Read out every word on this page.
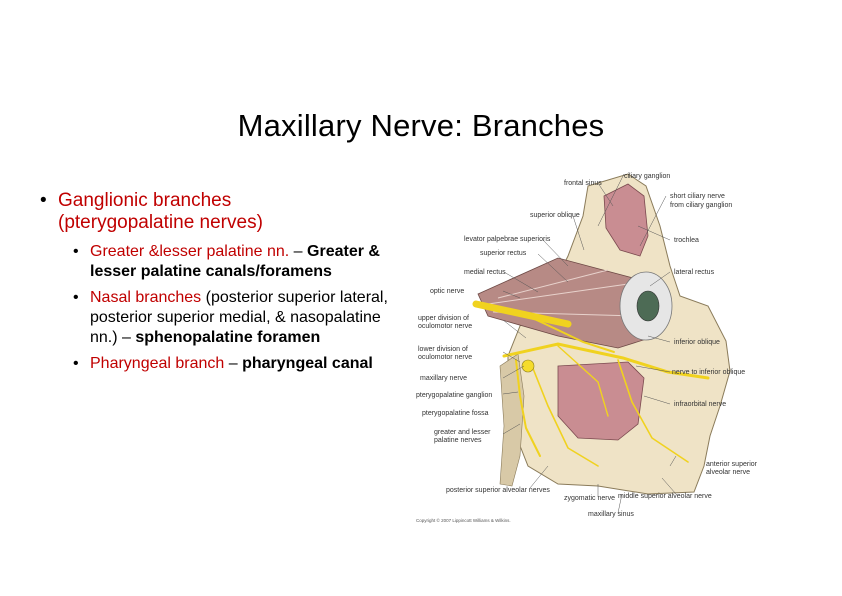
Maxillary Nerve: Branches
• Ganglionic branches
(pterygopalatine nerves)
• Greater &lesser palatine nn. – Greater & lesser palatine canals/foramens
• Nasal branches (posterior superior lateral, posterior superior medial, & nasopalatine nn.) – sphenopalatine foramen
• Pharyngeal branch – pharyngeal canal
ciliary ganglion
frontal sinus
short ciliary nerve
from ciliary ganglion
superior oblique
levator palpebrae superioris	trochlea
superior rectus
medial rectus	lateral rectus
optic nerve
upper division of
oculomotor nerve
lower division of
oculomotor nerve
inferior oblique
maxillary nerve
nerve to inferior oblique
pterygopalatine ganglion
infraorbital nerve
pterygopalatine fossa
greater and lesser
palatine nerves
anterior superior
alveolar nerve
posterior superior alveolar nerves
zygomatic nerve middle superior alveolar nerve
maxillary sinus
Copyright © 2007 Lippincott Williams & Wilkins.
